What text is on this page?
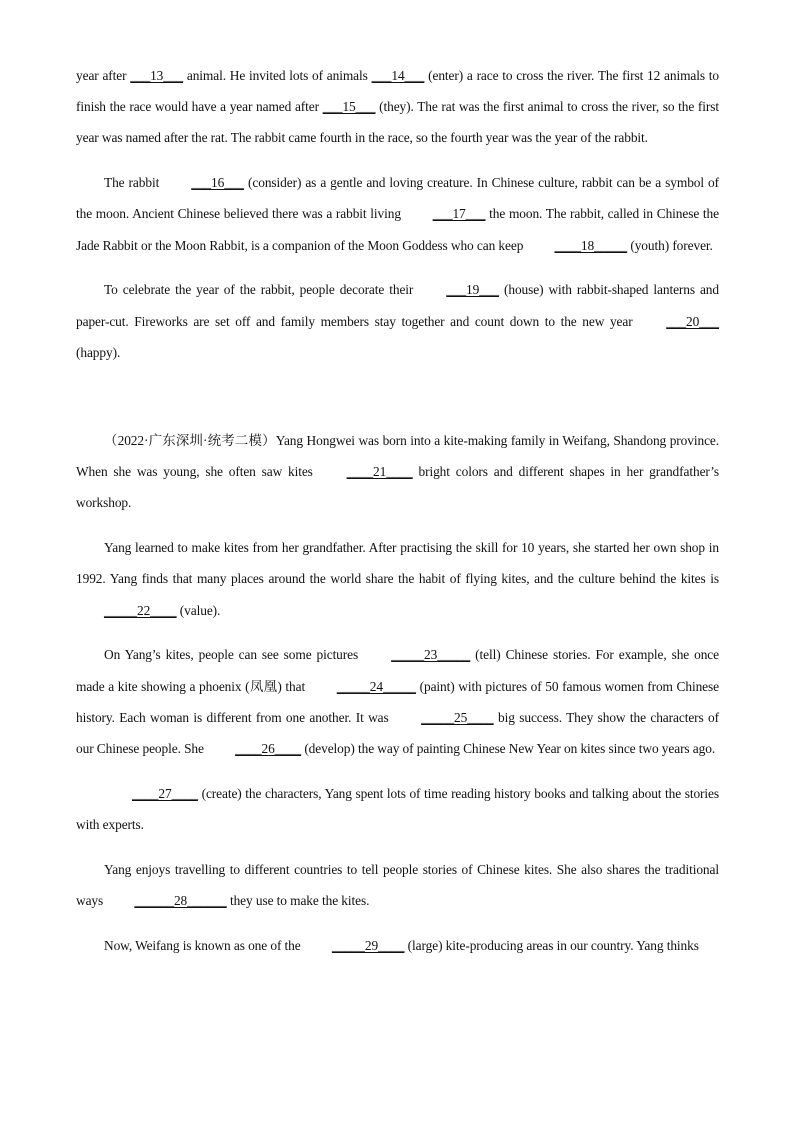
year after ___13___ animal. He invited lots of animals ___14___ (enter) a race to cross the river. The first 12 animals to finish the race would have a year named after ___15___ (they). The rat was the first animal to cross the river, so the first year was named after the rat. The rabbit came fourth in the race, so the fourth year was the year of the rabbit.

The rabbit ___16___ (consider) as a gentle and loving creature. In Chinese culture, rabbit can be a symbol of the moon. Ancient Chinese believed there was a rabbit living ___17___ the moon. The rabbit, called in Chinese the Jade Rabbit or the Moon Rabbit, is a companion of the Moon Goddess who can keep ____18_____ (youth) forever.

To celebrate the year of the rabbit, people decorate their ___19___ (house) with rabbit-shaped lanterns and paper-cut. Fireworks are set off and family members stay together and count down to the new year ___20___ (happy).

（2022·广东深圳·统考二模）Yang Hongwei was born into a kite-making family in Weifang, Shandong province. When she was young, she often saw kites ____21____ bright colors and different shapes in her grandfather’s workshop.

Yang learned to make kites from her grandfather. After practising the skill for 10 years, she started her own shop in 1992. Yang finds that many places around the world share the habit of flying kites, and the culture behind the kites is _____22____ (value).

On Yang’s kites, people can see some pictures _____23_____ (tell) Chinese stories. For example, she once made a kite showing a phoenix (凤凰) that _____24_____ (paint) with pictures of 50 famous women from Chinese history. Each woman is different from one another. It was _____25____ big success. They show the characters of our Chinese people. She ____26____ (develop) the way of painting Chinese New Year on kites since two years ago.

____27____ (create) the characters, Yang spent lots of time reading history books and talking about the stories with experts.

Yang enjoys travelling to different countries to tell people stories of Chinese kites. She also shares the traditional ways ______28______ they use to make the kites.

Now, Weifang is known as one of the _____29____ (large) kite-producing areas in our country. Yang thinks
